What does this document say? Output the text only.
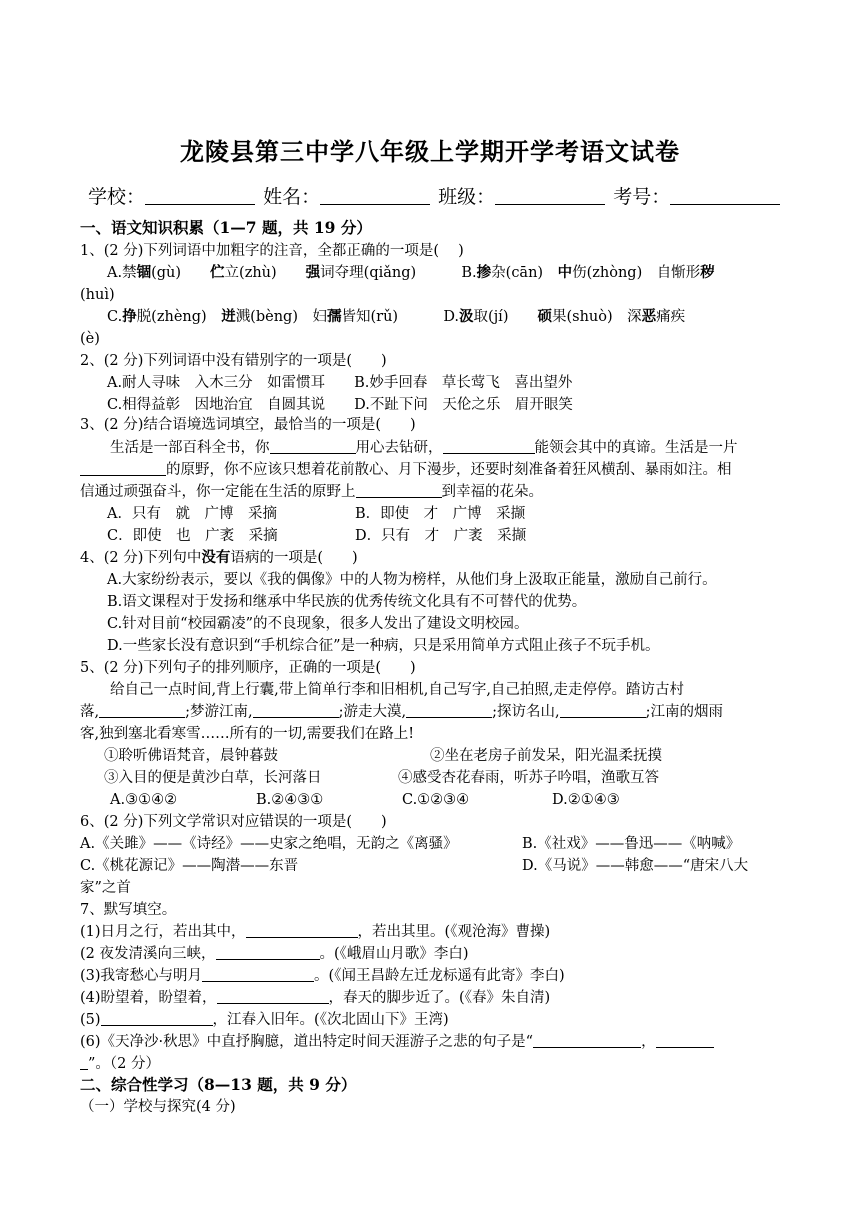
龙陵县第三中学八年级上学期开学考语文试卷
学校：	姓名：	班级：	考号：
一、语文知识积累（1—7 题，共 19 分）
1、(2 分)下列词语中加粗字的注音，全都正确的一项是(　 )
A.禁锢(gù)　　伫立(zhù)　　强词夺理(qiǎng)	B.掺杂(cān)　中伤(zhòng)　自惭形秽
(huì)
C.挣脱(zhèng)　迸溅(bèng)　妇孺皆知(rǔ)	D.汲取(jí)　　硕果(shuò)　深恶痛疾
(è)
2、(2 分)下列词语中没有错别字的一项是(　　)
A.耐人寻味　入木三分　如雷惯耳　　B.妙手回春　草长莺飞　喜出望外
C.相得益彰　因地治宜　自圆其说　　D.不趾下问　天伦之乐　眉开眼笑
3、(2 分)结合语境选词填空，最恰当的一项是(　　)
生活是一部百科全书，你	用心去钻研，	能领会其中的真谛。生活是一片
的原野，你不应该只想着花前散心、月下漫步，还要时刻准备着狂风横刮、暴雨如注。相
信通过顽强奋斗，你一定能在生活的原野上	到幸福的花朵。
A．只有　就　广博　采摘	B．即使　才　广博　采撷
C．即使　也　广袤　采摘	D．只有　才　广袤　采撷
4、(2 分)下列句中没有语病的一项是(　　)
A.大家纷纷表示，要以《我的偶像》中的人物为榜样，从他们身上汲取正能量，激励自己前行。
B.语文课程对于发扬和继承中华民族的优秀传统文化具有不可替代的优势。
C.针对目前“校园霸凌”的不良现象，很多人发出了建设文明校园。
D.一些家长没有意识到“手机综合征”是一种病，只是采用简单方式阻止孩子不玩手机。
5、(2 分)下列句子的排列顺序，正确的一项是(　　)
给自己一点时间,背上行囊,带上简单行李和旧相机,自己写字,自己拍照,走走停停。踏访古村
落,	;梦游江南,	;游走大漠,	;探访名山,	;江南的烟雨
客,独到塞北看寒雪……所有的一切,需要我们在路上!
①聆听佛语梵音，晨钟暮鼓	②坐在老房子前发呆，阳光温柔抚摸
③入目的便是黄沙白草，长河落日	④感受杏花春雨，听苏子吟唱，渔歌互答
A.③①④②	B.②④③①	C.①②③④	D.②①④③
6、(2 分)下列文学常识对应错误的一项是(　　)
A.《关雎》——《诗经》——史家之绝唱，无韵之《离骚》	B.《社戏》——鲁迅——《呐喊》
C.《桃花源记》——陶潜——东晋	D.《马说》——韩愈——“唐宋八大
家”之首
7、默写填空。
(1)日月之行，若出其中，	，若出其里。(《观沧海》曹操)
(2 夜发清溪向三峡，	。(《峨眉山月歌》李白)
(3)我寄愁心与明月	。(《闻王昌龄左迁龙标遥有此寄》李白)
(4)盼望着，盼望着，	，春天的脚步近了。(《春》朱自清)
(5)	，江春入旧年。(《次北固山下》王湾)
(6)《天净沙·秋思》中直抒胸臆，道出特定时间天涯游子之悲的句子是“	，
”。（2 分）
二、综合性学习（8—13 题，共 9 分）
（一）学校与探究(4 分)
